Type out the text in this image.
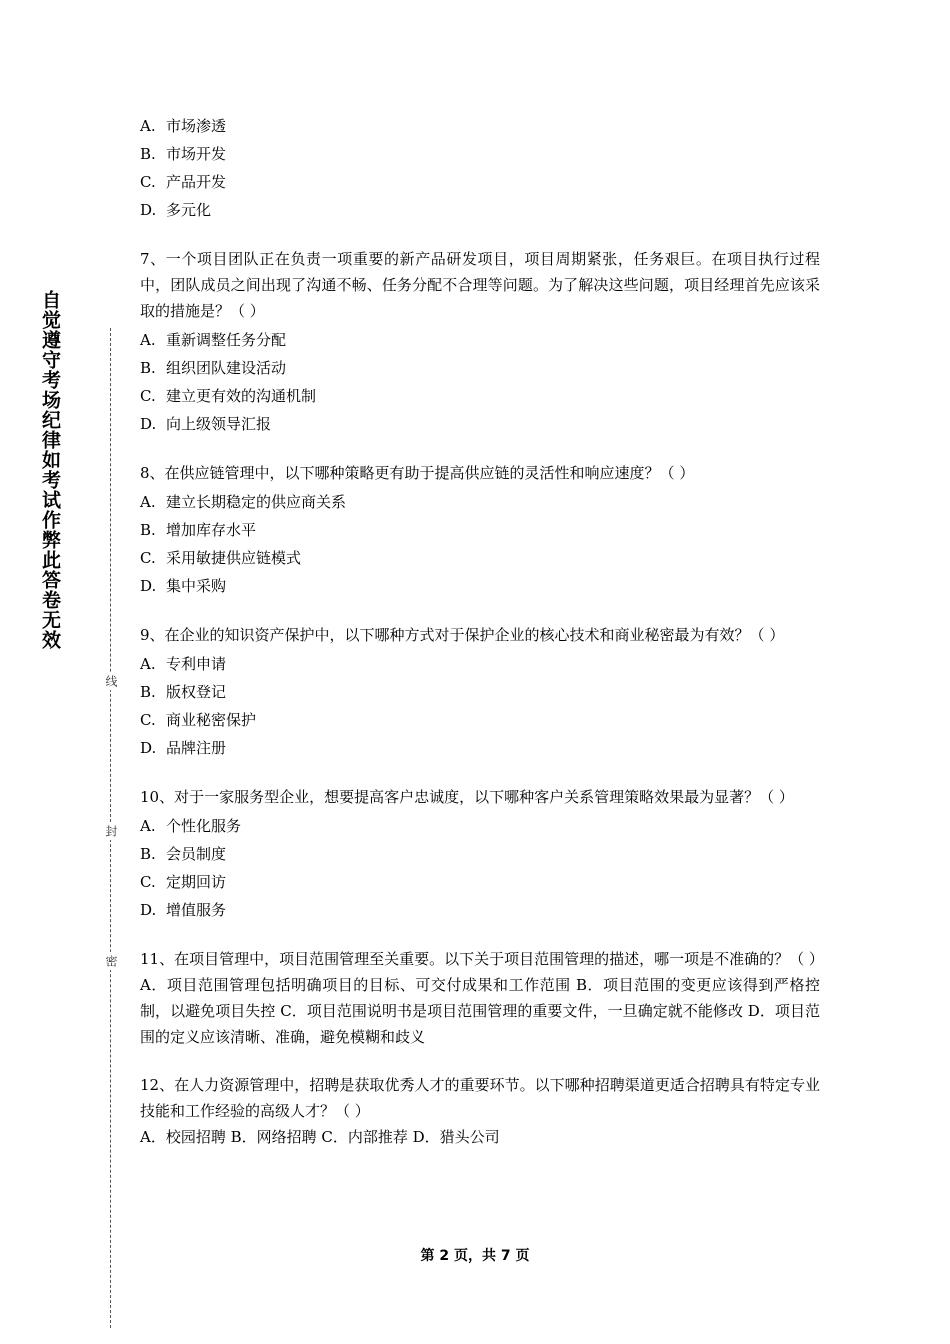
自觉遵守考场纪律如考试作弊此答卷无效
线
封
密
A. 市场渗透
B. 市场开发
C. 产品开发
D. 多元化
7、一个项目团队正在负责一项重要的新产品研发项目，项目周期紧张，任务艰巨。在项目执行过程中，团队成员之间出现了沟通不畅、任务分配不合理等问题。为了解决这些问题，项目经理首先应该采取的措施是？（ ）
A. 重新调整任务分配
B. 组织团队建设活动
C. 建立更有效的沟通机制
D. 向上级领导汇报
8、在供应链管理中，以下哪种策略更有助于提高供应链的灵活性和响应速度？（ ）
A. 建立长期稳定的供应商关系
B. 增加库存水平
C. 采用敏捷供应链模式
D. 集中采购
9、在企业的知识资产保护中，以下哪种方式对于保护企业的核心技术和商业秘密最为有效？（ ）
A. 专利申请
B. 版权登记
C. 商业秘密保护
D. 品牌注册
10、对于一家服务型企业，想要提高客户忠诚度，以下哪种客户关系管理策略效果最为显著？（ ）
A. 个性化服务
B. 会员制度
C. 定期回访
D. 增值服务
11、在项目管理中，项目范围管理至关重要。以下关于项目范围管理的描述，哪一项是不准确的？（ ）
A．项目范围管理包括明确项目的目标、可交付成果和工作范围 B．项目范围的变更应该得到严格控制，以避免项目失控 C．项目范围说明书是项目范围管理的重要文件，一旦确定就不能修改 D．项目范围的定义应该清晰、准确，避免模糊和歧义
12、在人力资源管理中，招聘是获取优秀人才的重要环节。以下哪种招聘渠道更适合招聘具有特定专业技能和工作经验的高级人才？（ ）
A．校园招聘 B．网络招聘 C．内部推荐 D．猎头公司
第 2 页，共 7 页
